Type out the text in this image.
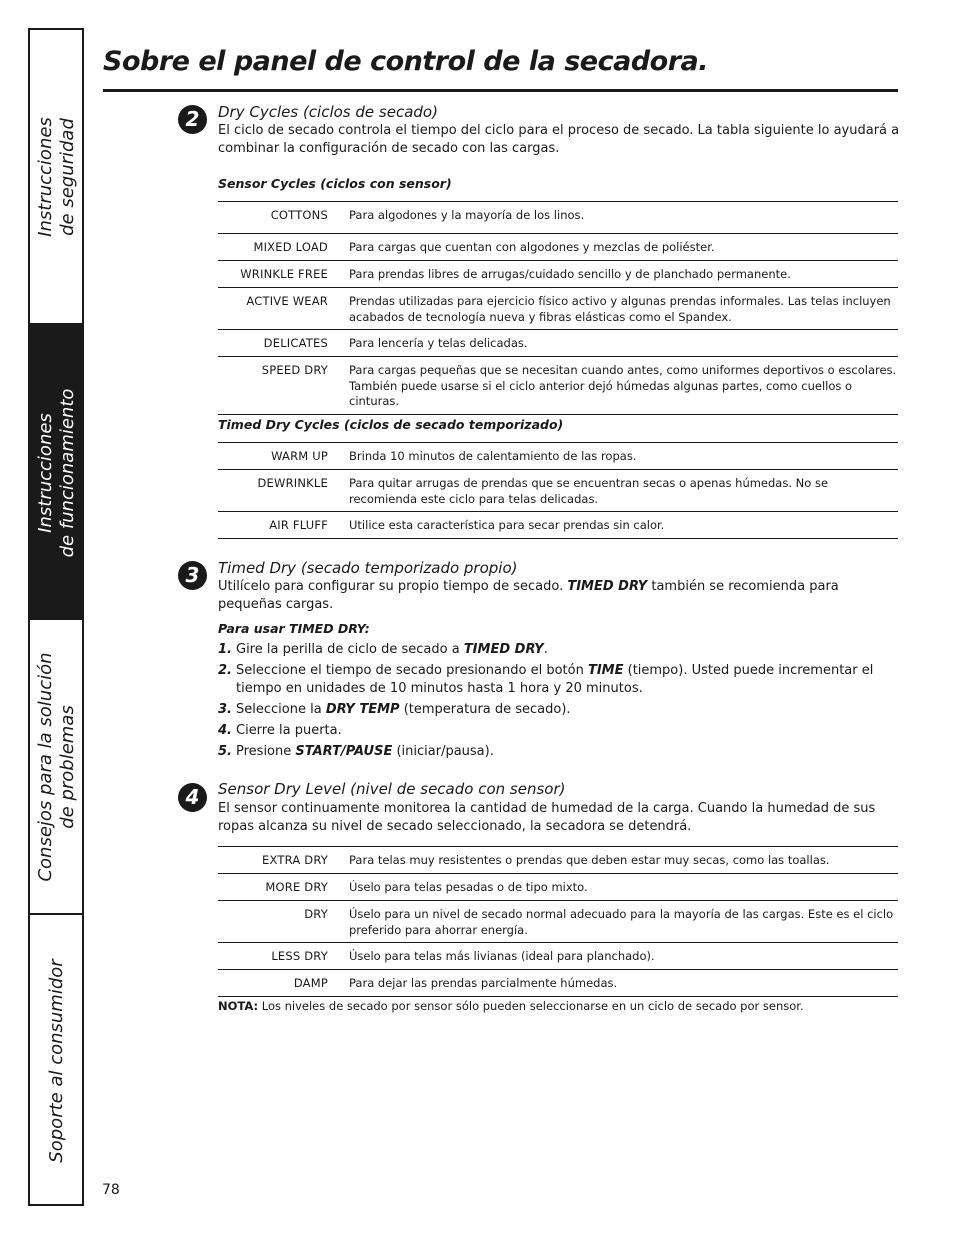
Instrucciones de seguridad
Instrucciones de funcionamiento
Consejos para la solución de problemas
Soporte al consumidor
Sobre el panel de control de la secadora.
2	Dry Cycles (ciclos de secado)

El ciclo de secado controla el tiempo del ciclo para el proceso de secado. La tabla siguiente lo ayudará a combinar la configuración de secado con las cargas.

Sensor Cycles (ciclos con sensor)

COTTONS	Para algodones y la mayoría de los linos.
MIXED LOAD	Para cargas que cuentan con algodones y mezclas de poliéster.
WRINKLE FREE	Para prendas libres de arrugas/cuidado sencillo y de planchado permanente.
ACTIVE WEAR	Prendas utilizadas para ejercicio físico activo y algunas prendas informales. Las telas incluyen acabados de tecnología nueva y fibras elásticas como el Spandex.
DELICATES	Para lencería y telas delicadas.
SPEED DRY	Para cargas pequeñas que se necesitan cuando antes, como uniformes deportivos o escolares. También puede usarse si el ciclo anterior dejó húmedas algunas partes, como cuellos o cinturas.

Timed Dry Cycles (ciclos de secado temporizado)

WARM UP	Brinda 10 minutos de calentamiento de las ropas.
DEWRINKLE	Para quitar arrugas de prendas que se encuentran secas o apenas húmedas. No se recomienda este ciclo para telas delicadas.
AIR FLUFF	Utilice esta característica para secar prendas sin calor.
3	Timed Dry (secado temporizado propio)

Utilícelo para configurar su propio tiempo de secado. TIMED DRY también se recomienda para pequeñas cargas.

Para usar TIMED DRY:

1. Gire la perilla de ciclo de secado a TIMED DRY.
2. Seleccione el tiempo de secado presionando el botón TIME (tiempo). Usted puede incrementar el tiempo en unidades de 10 minutos hasta 1 hora y 20 minutos.
3. Seleccione la DRY TEMP (temperatura de secado).
4. Cierre la puerta.
5. Presione START/PAUSE (iniciar/pausa).
4	Sensor Dry Level (nivel de secado con sensor)

El sensor continuamente monitorea la cantidad de humedad de la carga. Cuando la humedad de sus ropas alcanza su nivel de secado seleccionado, la secadora se detendrá.

EXTRA DRY	Para telas muy resistentes o prendas que deben estar muy secas, como las toallas.
MORE DRY	Úselo para telas pesadas o de tipo mixto.
DRY	Úselo para un nivel de secado normal adecuado para la mayoría de las cargas. Este es el ciclo preferido para ahorrar energía.
LESS DRY	Úselo para telas más livianas (ideal para planchado).
DAMP	Para dejar las prendas parcialmente húmedas.

NOTA: Los niveles de secado por sensor sólo pueden seleccionarse en un ciclo de secado por sensor.

78
